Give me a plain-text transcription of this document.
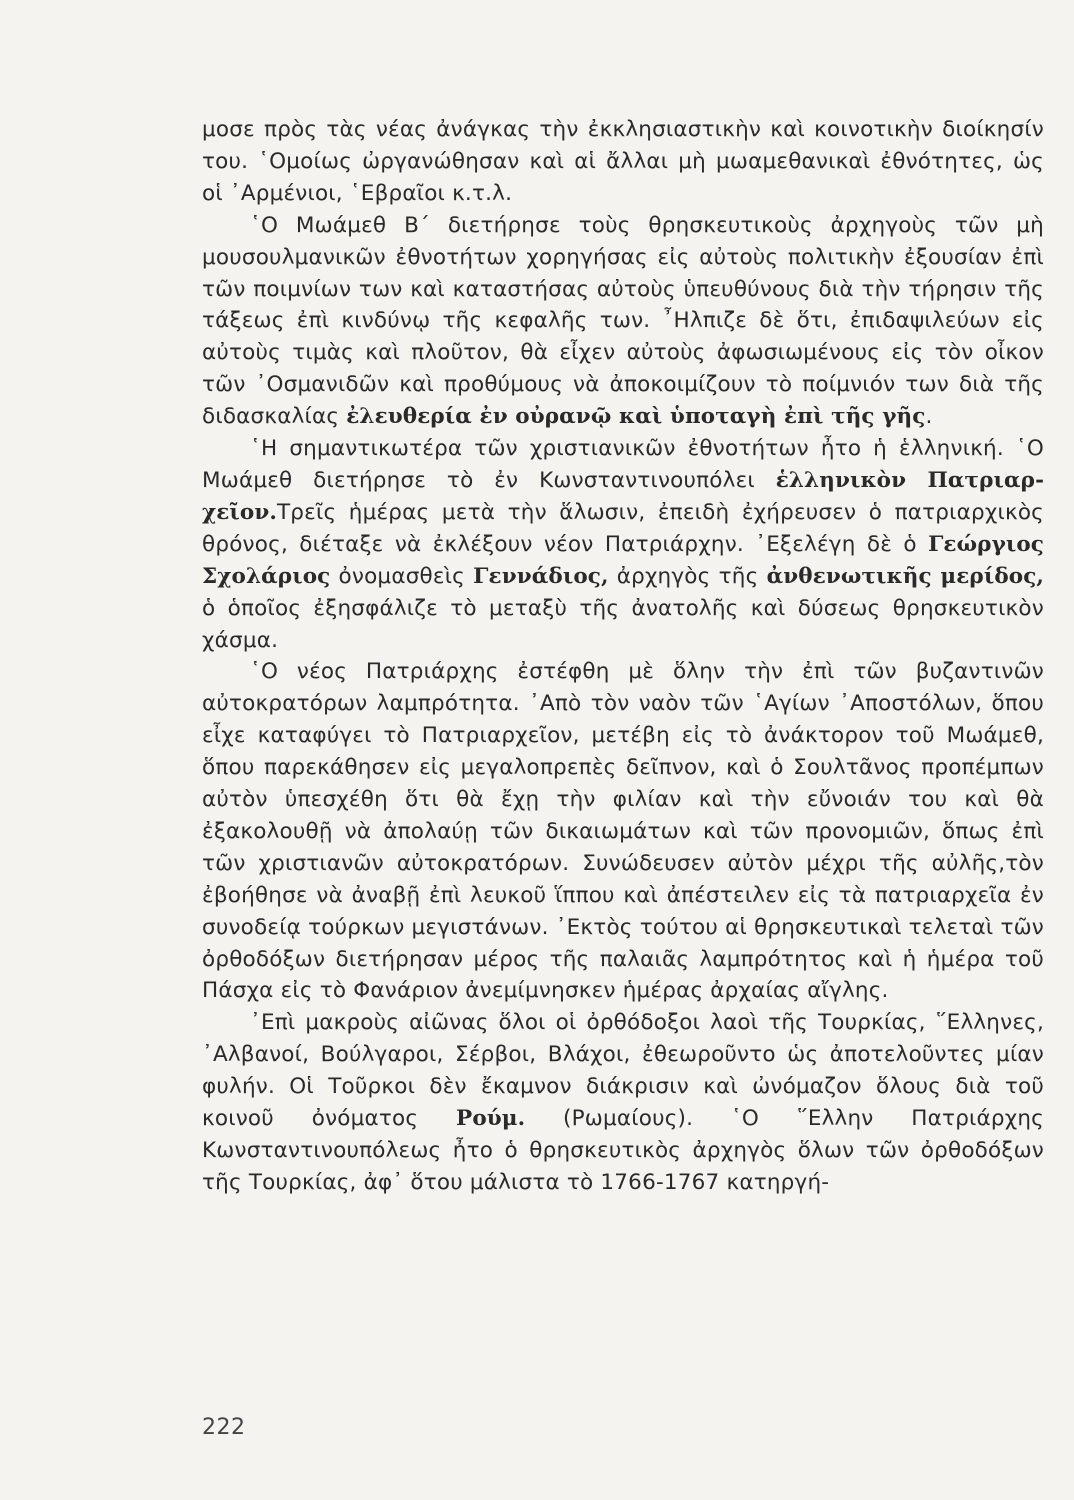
μοσε πρὸς τὰς νέας ἀνάγκας τὴν ἐκκλησιαστικὴν καὶ κοινοτικὴν διοίκησίν του. ῾Ομοίως ὠργανώθησαν καὶ αἱ ἄλλαι μὴ μωαμεθανικαὶ ἐθνότητες, ὡς οἱ ᾿Αρμένιοι, ῾Εβραῖοι κ.τ.λ.

῾Ο Μωάμεθ Β΄ διετήρησε τοὺς θρησκευτικοὺς ἀρχηγοὺς τῶν μὴ μουσουλμανικῶν ἐθνοτήτων χορηγήσας εἰς αὐτοὺς πολιτικὴν ἐξουσίαν ἐπὶ τῶν ποιμνίων των καὶ καταστήσας αὐτοὺς ὑπευθύνους διὰ τὴν τήρησιν τῆς τάξεως ἐπὶ κινδύνῳ τῆς κεφαλῆς των. ῏Ηλπιζε δὲ ὅτι, ἐπιδαψιλεύων εἰς αὐτοὺς τιμὰς καὶ πλοῦτον, θὰ εἶχεν αὐτοὺς ἀφωσιωμένους εἰς τὸν οἶκον τῶν ᾿Οσμανιδῶν καὶ προθύμους νὰ ἀποκοιμίζουν τὸ ποίμνιόν των διὰ τῆς διδασκαλίας ἐλευθερία ἐν οὐρανῷ καὶ ὑποταγὴ ἐπὶ τῆς γῆς.

῾Η σημαντικωτέρα τῶν χριστιανικῶν ἐθνοτήτων ἦτο ἡ ἑλληνική. ῾Ο Μωάμεθ διετήρησε τὸ ἐν Κωνσταντινουπόλει ἑλληνικὸν Πατριαρχεῖον.Τρεῖς ἡμέρας μετὰ τὴν ἅλωσιν, ἐπειδὴ ἐχήρευσεν ὁ πατριαρχικὸς θρόνος, διέταξε νὰ ἐκλέξουν νέον Πατριάρχην. ᾿Εξελέγη δὲ ὁ Γεώργιος Σχολάριος ὀνομασθεὶς Γεννάδιος, ἀρχηγὸς τῆς ἀνθενωτικῆς μερίδος, ὁ ὁποῖος ἐξησφάλιζε τὸ μεταξὺ τῆς ἀνατολῆς καὶ δύσεως θρησκευτικὸν χάσμα.

῾Ο νέος Πατριάρχης ἐστέφθη μὲ ὅλην τὴν ἐπὶ τῶν βυζαντινῶν αὐτοκρατόρων λαμπρότητα. ᾿Απὸ τὸν ναὸν τῶν ῾Αγίων ᾿Αποστόλων, ὅπου εἶχε καταφύγει τὸ Πατριαρχεῖον, μετέβη εἰς τὸ ἀνάκτορον τοῦ Μωάμεθ, ὅπου παρεκάθησεν εἰς μεγαλοπρεπὲς δεῖπνον, καὶ ὁ Σουλτᾶνος προπέμπων αὐτὸν ὑπεσχέθη ὅτι θὰ ἔχῃ τὴν φιλίαν καὶ τὴν εὔνοιάν του καὶ θὰ ἐξακολουθῇ νὰ ἀπολαύῃ τῶν δικαιωμάτων καὶ τῶν προνομιῶν, ὅπως ἐπὶ τῶν χριστιανῶν αὐτοκρατόρων. Συνώδευσεν αὐτὸν μέχρι τῆς αὐλῆς,τὸν ἐβοήθησε νὰ ἀναβῇ ἐπὶ λευκοῦ ἵππου καὶ ἀπέστειλεν εἰς τὰ πατριαρχεῖα ἐν συνοδείᾳ τούρκων μεγιστάνων. ᾿Εκτὸς τούτου αἱ θρησκευτικαὶ τελεταὶ τῶν ὀρθοδόξων διετήρησαν μέρος τῆς παλαιᾶς λαμπρότητος καὶ ἡ ἡμέρα τοῦ Πάσχα εἰς τὸ Φανάριον ἀνεμίμνησκεν ἡμέρας ἀρχαίας αἴγλης.

᾿Επὶ μακροὺς αἰῶνας ὅλοι οἱ ὀρθόδοξοι λαοὶ τῆς Τουρκίας, ῞Ελληνες, ᾿Αλβανοί, Βούλγαροι, Σέρβοι, Βλάχοι, ἐθεωροῦντο ὡς ἀποτελοῦντες μίαν φυλήν. Οἱ Τοῦρκοι δὲν ἔκαμνον διάκρισιν καὶ ὠνόμαζον ὅλους διὰ τοῦ κοινοῦ ὀνόματος Ρούμ. (Ρωμαίους). ῾Ο ῞Ελλην Πατριάρχης Κωνσταντινουπόλεως ἦτο ὁ θρησκευτικὸς ἀρχηγὸς ὅλων τῶν ὀρθοδόξων τῆς Τουρκίας, ἀφ᾿ ὅτου μάλιστα τὸ 1766-1767 κατηργή-

222
